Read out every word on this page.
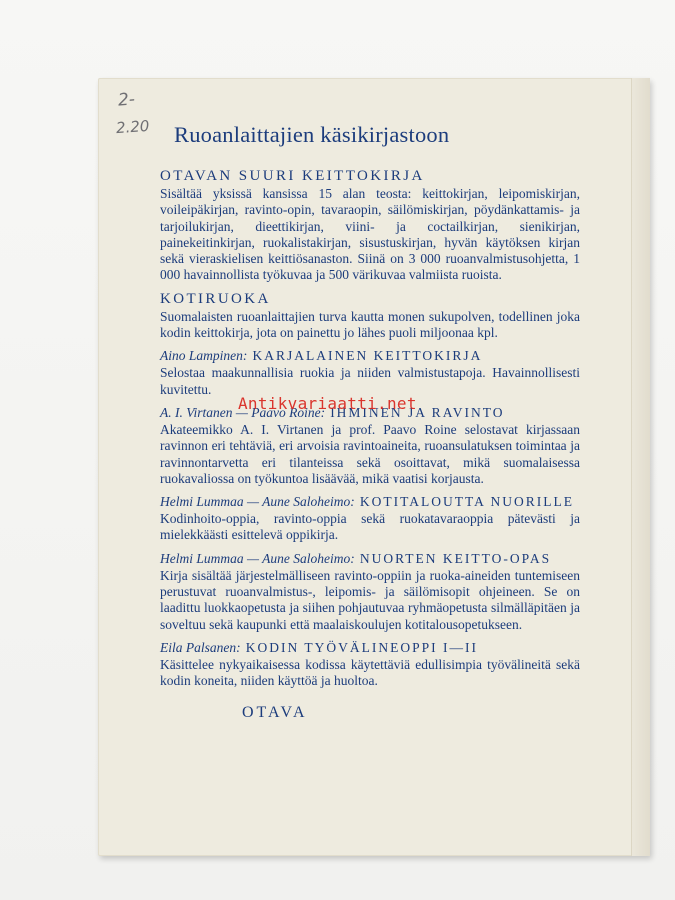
2-
2.20 Ruoanlaittajien käsikirjastoon
OTAVAN SUURI KEITTOKIRJA
Sisältää yksissä kansissa 15 alan teosta: keittokirjan, leipomiskirjan, voileipäkirjan, ravinto-opin, tavaraopin, säilömiskirjan, pöydänkattamis- ja tarjoilukirjan, dieettikirjan, viini- ja coctailkirjan, sienikirjan, painekeitinkirjan, ruokalistakirjan, sisustuskirjan, hyvän käytöksen kirjan sekä vieraskielisen keittiösanaston. Siinä on 3 000 ruoanvalmistusohjetta, 1 000 havainnollista työkuvaa ja 500 värikuvaa valmiista ruoista.
KOTIRUOKA
Suomalaisten ruoanlaittajien turva kautta monen sukupolven, todellinen joka kodin keittokirja, jota on painettu jo lähes puoli miljoonaa kpl.
Aino Lampinen: KARJALAINEN KEITTOKIRJA
Selostaa maakunnallisia ruokia ja niiden valmistustapoja. Havainnollisesti kuvitettu.
A. I. Virtanen — Paavo Roine: IHMINEN JA RAVINTO
Akateemikko A. I. Virtanen ja prof. Paavo Roine selostavat kirjassaan ravinnon eri tehtäviä, eri arvoisia ravintoaineita, ruoansulatuksen toimintaa ja ravinnontarvetta eri tilanteissa sekä osoittavat, mikä suomalaisessa ruokavaliossa on työkuntoa lisäävää, mikä vaatisi korjausta.
Helmi Lummaa — Aune Saloheimo: KOTITALOUTTA NUORILLE
Kodinhoito-oppia, ravinto-oppia sekä ruokatavaraoppia pätevästi ja mielekkäästi esittelevä oppikirja.
Helmi Lummaa — Aune Saloheimo: NUORTEN KEITTO-OPAS
Kirja sisältää järjestelmälliseen ravinto-oppiin ja ruoka-aineiden tuntemiseen perustuvat ruoanvalmistus-, leipomis- ja säilömisopit ohjeineen. Se on laadittu luokkaopetusta ja siihen pohjautuvaa ryhmäopetusta silmälläpitäen ja soveltuu sekä kaupunki että maalaiskoulujen kotitalousopetukseen.
Eila Palsanen: KODIN TYÖVÄLINEOPPI I—II
Käsittelee nykyaikaisessa kodissa käytettäviä edullisimpia työvälineitä sekä kodin koneita, niiden käyttöä ja huoltoa.
OTAVA
Antikvariaatti.net
